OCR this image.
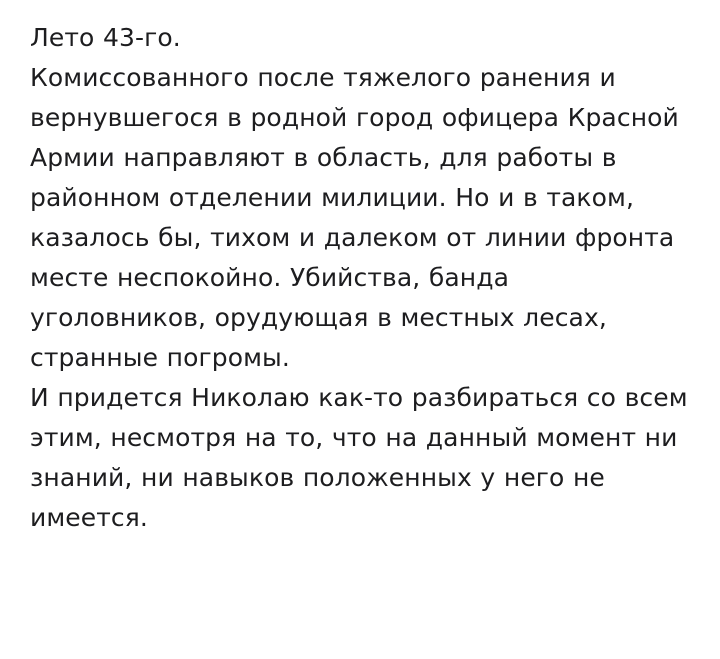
Лето 43-го.

Комиссованного после тяжелого ранения и вернувшегося в родной город офицера Красной Армии направляют в область, для работы в районном отделении милиции. Но и в таком, казалось бы, тихом и далеком от линии фронта месте неспокойно. Убийства, банда уголовников, орудующая в местных лесах, странные погромы.

И придется Николаю как-то разбираться со всем этим, несмотря на то, что на данный момент ни знаний, ни навыков положенных у него не имеется.
